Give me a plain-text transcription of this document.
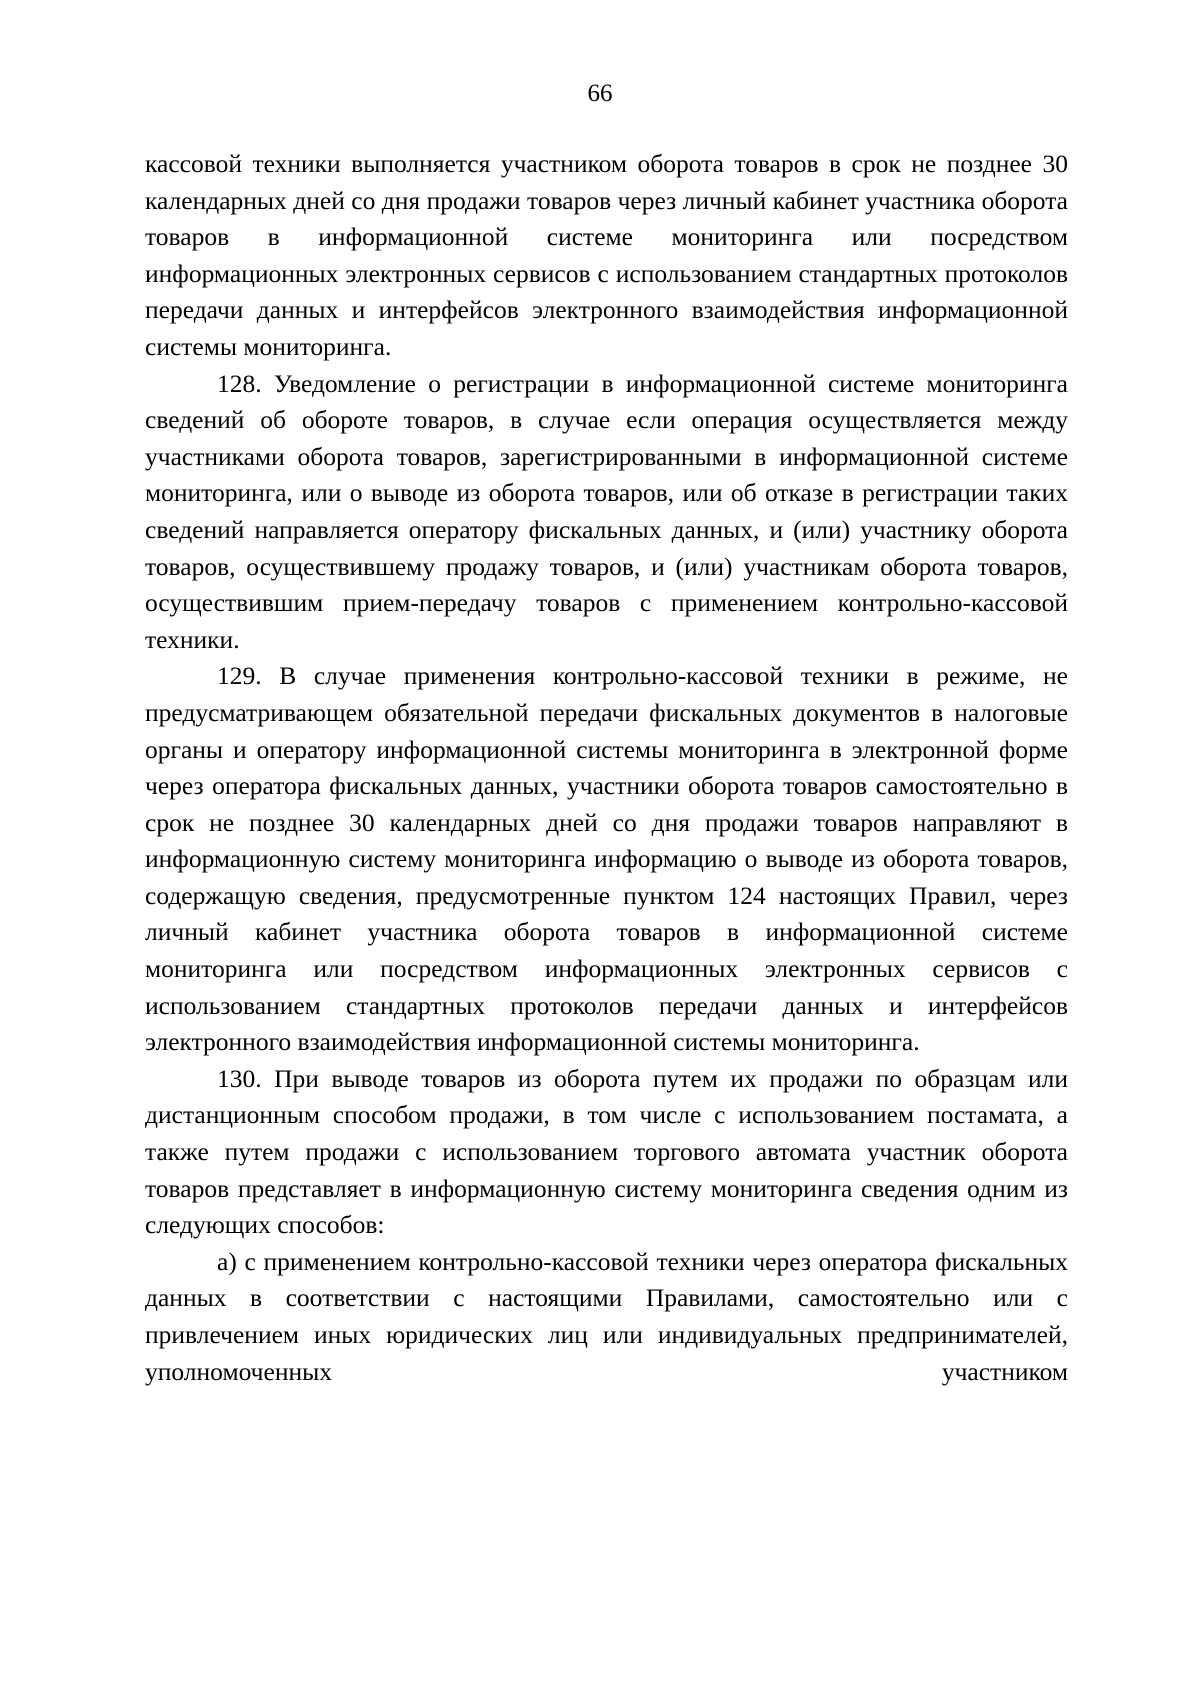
66

кассовой техники выполняется участником оборота товаров в срок не позднее 30 календарных дней со дня продажи товаров через личный кабинет участника оборота товаров в информационной системе мониторинга или посредством информационных электронных сервисов с использованием стандартных протоколов передачи данных и интерфейсов электронного взаимодействия информационной системы мониторинга.

128. Уведомление о регистрации в информационной системе мониторинга сведений об обороте товаров, в случае если операция осуществляется между участниками оборота товаров, зарегистрированными в информационной системе мониторинга, или о выводе из оборота товаров, или об отказе в регистрации таких сведений направляется оператору фискальных данных, и (или) участнику оборота товаров, осуществившему продажу товаров, и (или) участникам оборота товаров, осуществившим прием-передачу товаров с применением контрольно-кассовой техники.

129. В случае применения контрольно-кассовой техники в режиме, не предусматривающем обязательной передачи фискальных документов в налоговые органы и оператору информационной системы мониторинга в электронной форме через оператора фискальных данных, участники оборота товаров самостоятельно в срок не позднее 30 календарных дней со дня продажи товаров направляют в информационную систему мониторинга информацию о выводе из оборота товаров, содержащую сведения, предусмотренные пунктом 124 настоящих Правил, через личный кабинет участника оборота товаров в информационной системе мониторинга или посредством информационных электронных сервисов с использованием стандартных протоколов передачи данных и интерфейсов электронного взаимодействия информационной системы мониторинга.

130. При выводе товаров из оборота путем их продажи по образцам или дистанционным способом продажи, в том числе с использованием постамата, а также путем продажи с использованием торгового автомата участник оборота товаров представляет в информационную систему мониторинга сведения одним из следующих способов:

а) с применением контрольно-кассовой техники через оператора фискальных данных в соответствии с настоящими Правилами, самостоятельно или с привлечением иных юридических лиц или индивидуальных предпринимателей, уполномоченных участником
